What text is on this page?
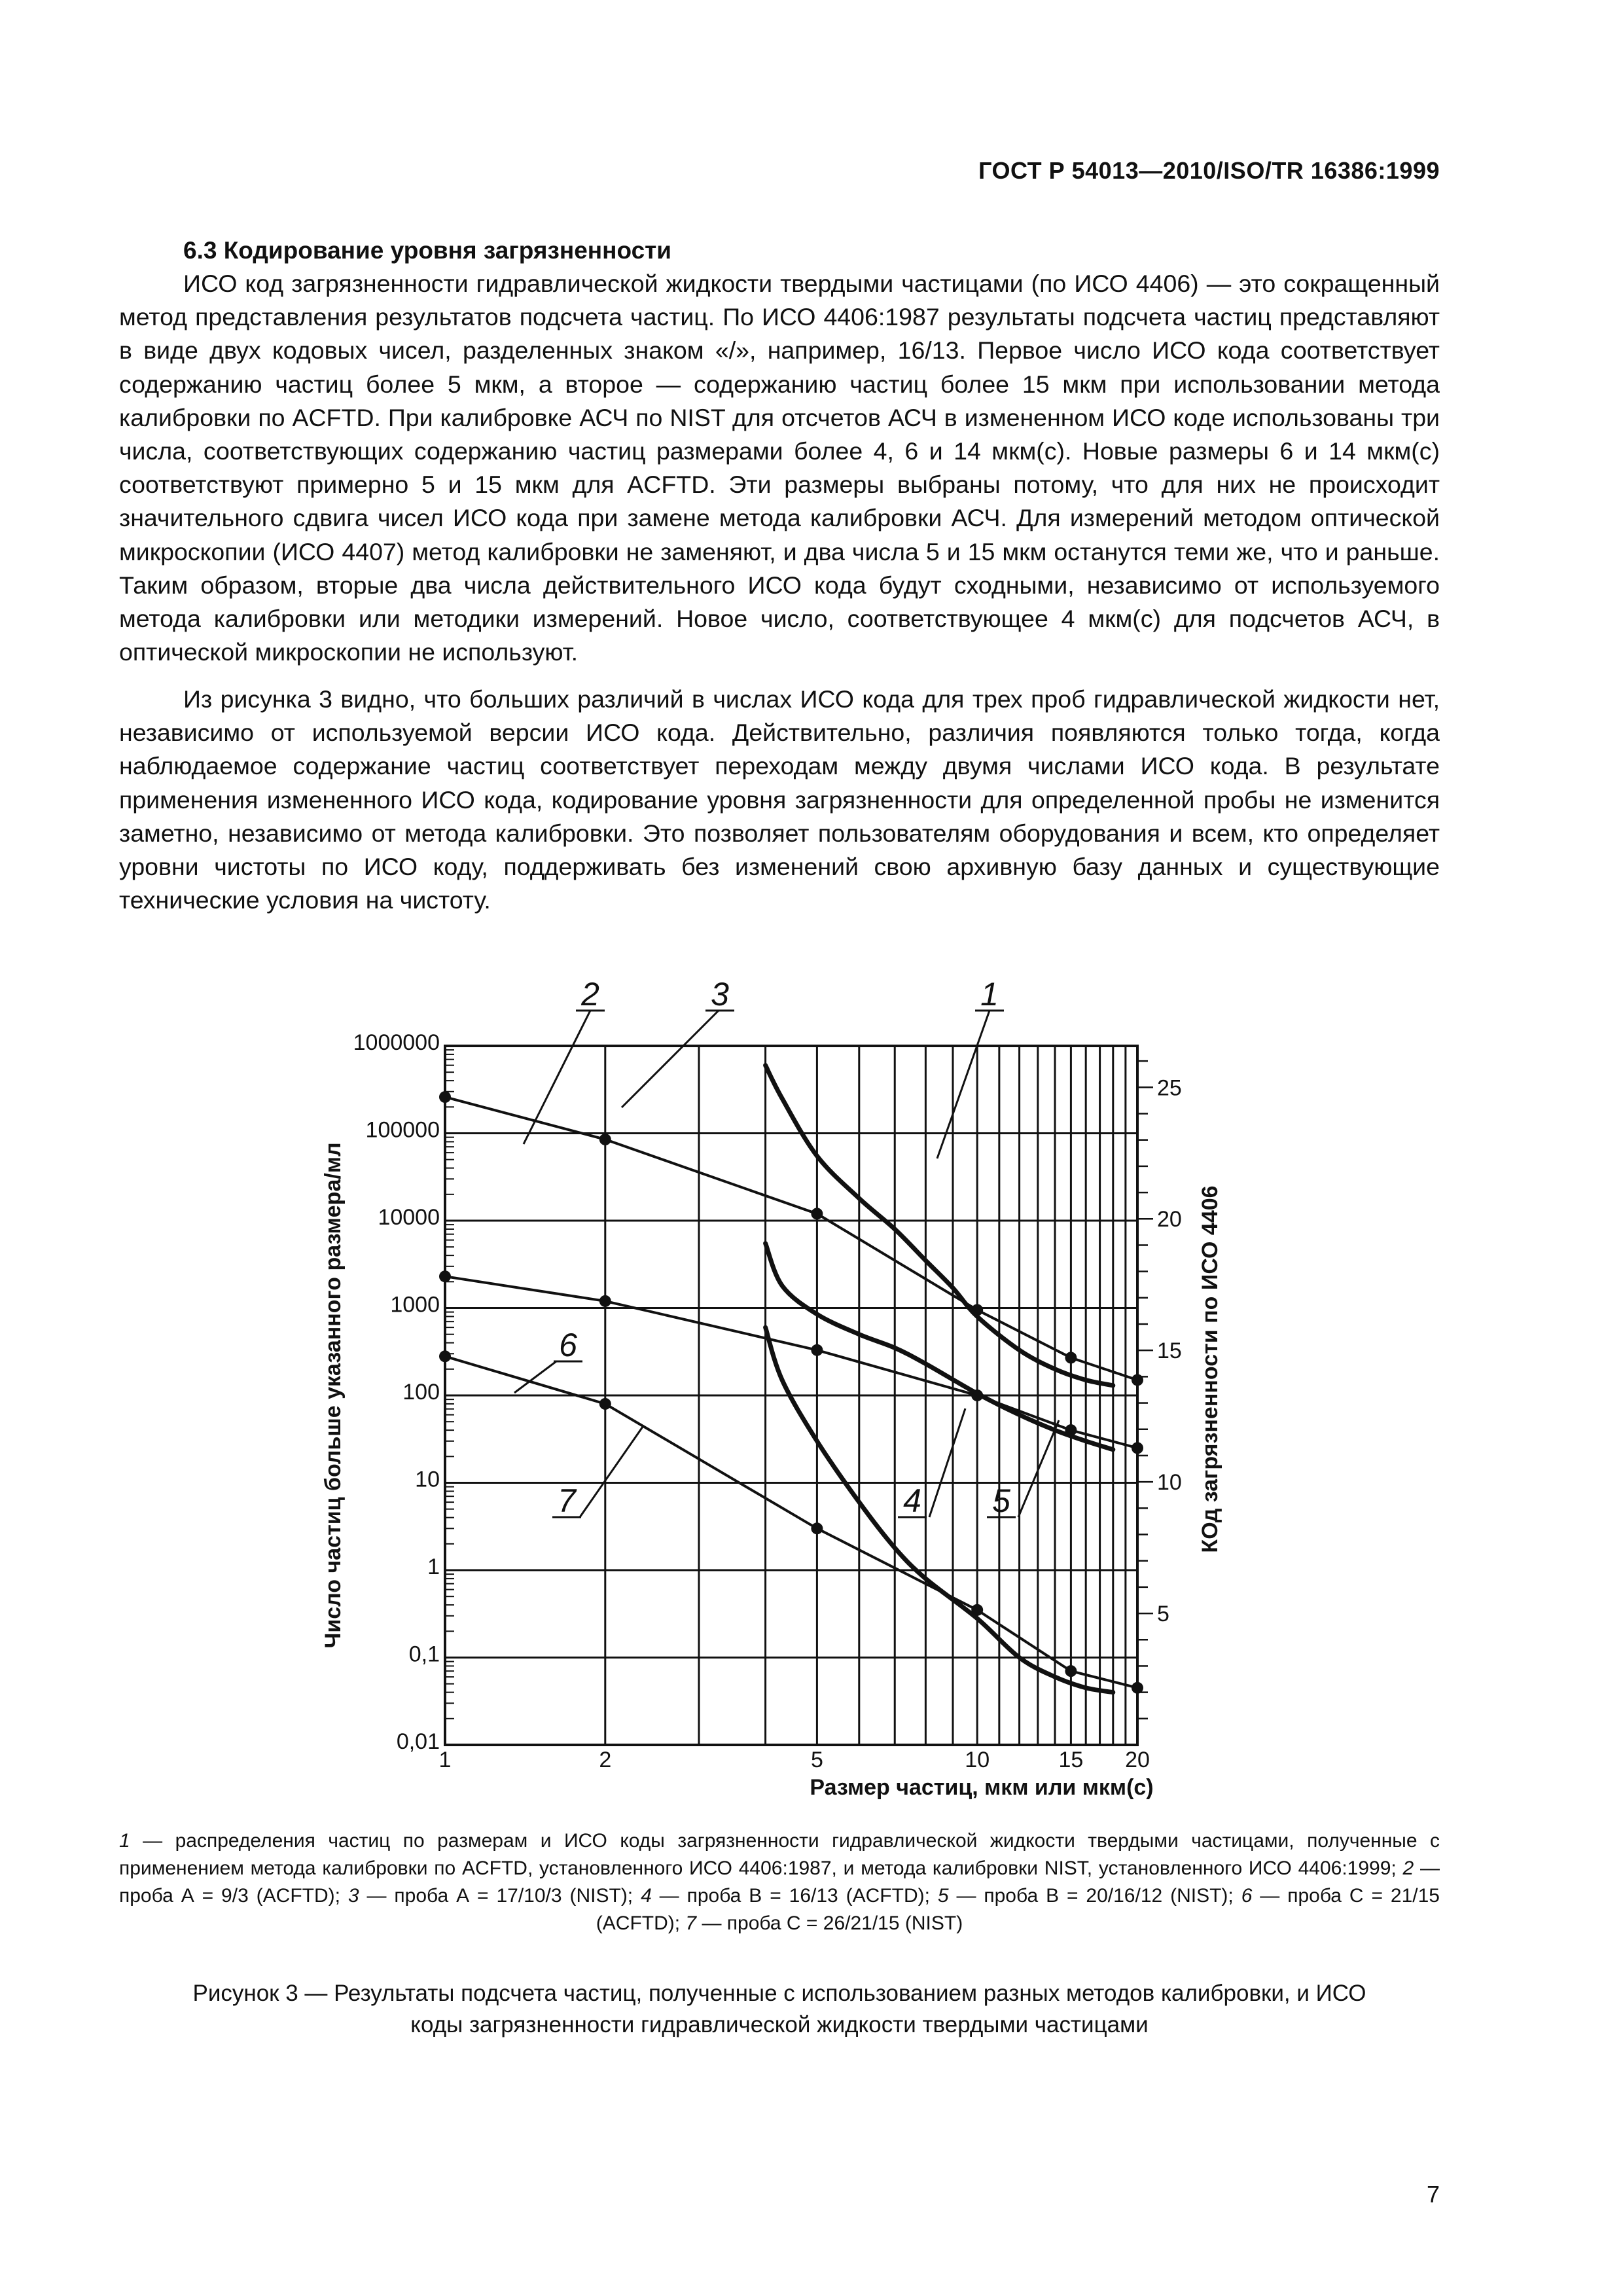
ГОСТ Р 54013—2010/ISO/TR 16386:1999
6.3 Кодирование уровня загрязненности

ИСО код загрязненности гидравлической жидкости твердыми частицами (по ИСО 4406) — это сокращенный метод представления результатов подсчета частиц. По ИСО 4406:1987 результаты подсчета частиц представляют в виде двух кодовых чисел, разделенных знаком «/», например, 16/13. Первое число ИСО кода соответствует содержанию частиц более 5 мкм, а второе — содержанию частиц более 15 мкм при использовании метода калибровки по ACFTD. При калибровке АСЧ по NIST для отсчетов АСЧ в измененном ИСО коде использованы три числа, соответствующих содержанию частиц размерами более 4, 6 и 14 мкм(с). Новые размеры 6 и 14 мкм(с) соответствуют примерно 5 и 15 мкм для ACFTD. Эти размеры выбраны потому, что для них не происходит значительного сдвига чисел ИСО кода при замене метода калибровки АСЧ. Для измерений методом оптической микроскопии (ИСО 4407) метод калибровки не заменяют, и два числа 5 и 15 мкм останутся теми же, что и раньше. Таким образом, вторые два числа действительного ИСО кода будут сходными, независимо от используемого метода калибровки или методики измерений. Новое число, соответствующее 4 мкм(с) для подсчетов АСЧ, в оптической микроскопии не используют.

Из рисунка 3 видно, что больших различий в числах ИСО кода для трех проб гидравлической жидкости нет, независимо от используемой версии ИСО кода. Действительно, различия появляются только тогда, когда наблюдаемое содержание частиц соответствует переходам между двумя числами ИСО кода. В результате применения измененного ИСО кода, кодирование уровня загрязненности для определенной пробы не изменится заметно, независимо от метода калибровки. Это позволяет пользователям оборудования и всем, кто определяет уровни чистоты по ИСО коду, поддерживать без изменений свою архивную базу данных и существующие технические условия на чистоту.

5
10
15
20
25
0,01
0,1
1
10
100
1000
10000
100000
1000000
1	2	5	10	15 20
2	3	1
6
7	4 5
Размер частиц, мкм или мкм(с)
Число частиц больше указанного размера/мл	КОд загрязненности по ИСО 4406

1 — распределения частиц по размерам и ИСО коды загрязненности гидравлической жидкости твердыми частицами, полученные с применением метода калибровки по ACFTD, установленного ИСО 4406:1987, и метода калибровки NIST, установленного ИСО 4406:1999; 2 — проба А = 9/3 (ACFTD); 3 — проба А = 17/10/3 (NIST); 4 — проба В = 16/13 (ACFTD); 5 — проба В = 20/16/12 (NIST); 6 — проба С = 21/15 (ACFTD); 7 — проба С = 26/21/15 (NIST)

Рисунок 3 — Результаты подсчета частиц, полученные с использованием разных методов калибровки, и ИСО
коды загрязненности гидравлической жидкости твердыми частицами

7
